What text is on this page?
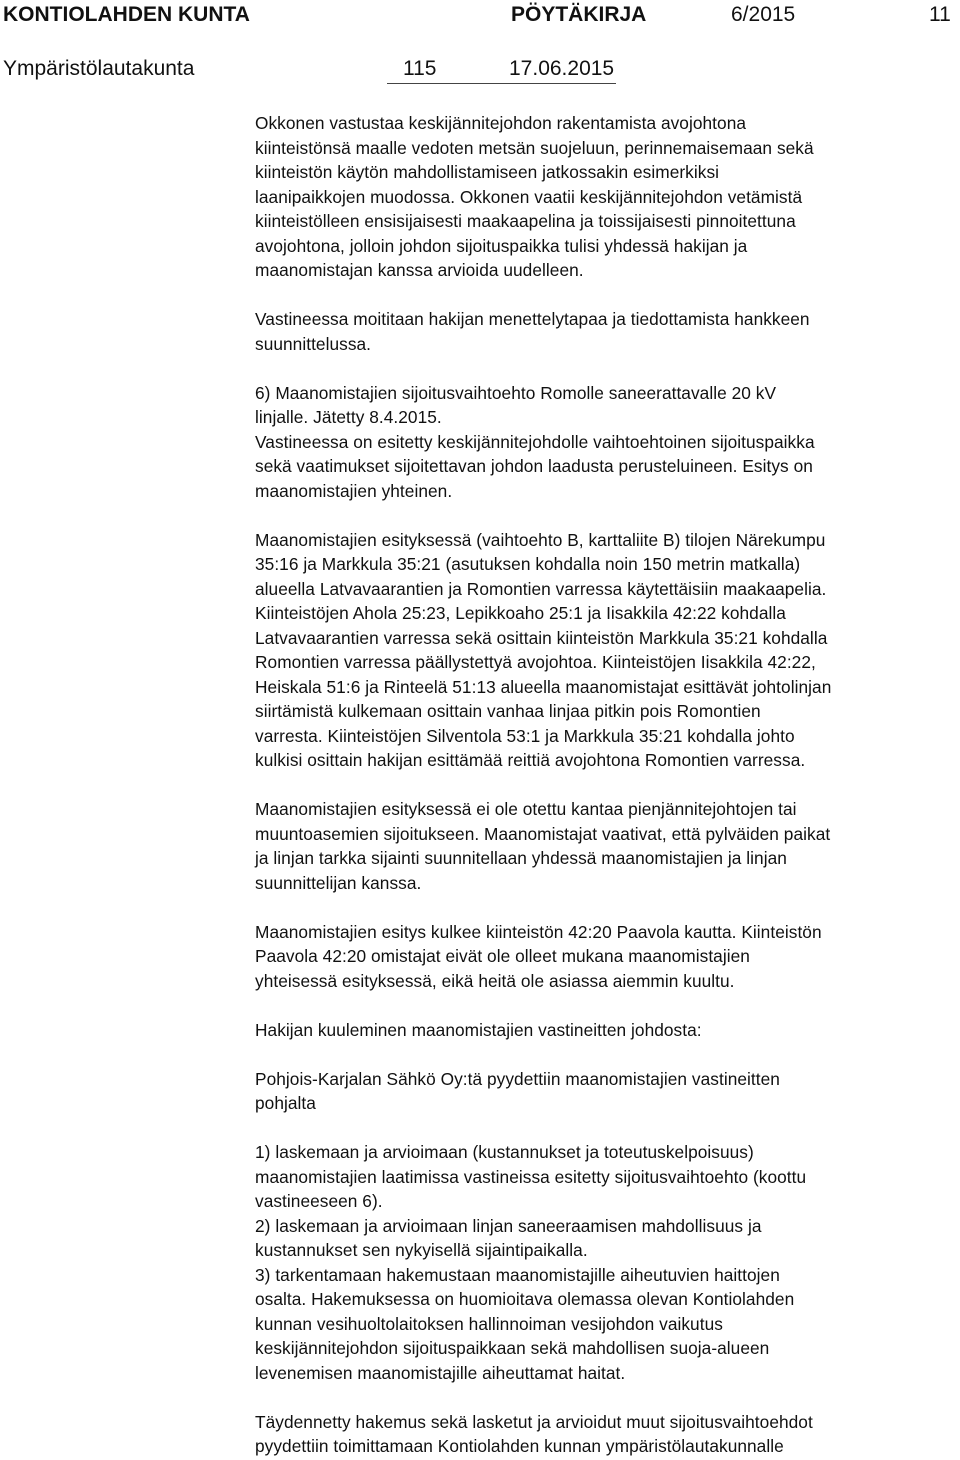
KONTIOLAHDEN KUNTA	PÖYTÄKIRJA	6/2015	11
Ympäristölautakunta	115	17.06.2015

Okkonen vastustaa keskijännitejohdon rakentamista avojohtona
kiinteistönsä maalle vedoten metsän suojeluun, perinnemaisemaan sekä
kiinteistön käytön mahdollistamiseen jatkossakin esimerkiksi
laanipaikkojen muodossa. Okkonen vaatii keskijännitejohdon vetämistä
kiinteistölleen ensisijaisesti maakaapelina ja toissijaisesti pinnoitettuna
avojohtona, jolloin johdon sijoituspaikka tulisi yhdessä hakijan ja
maanomistajan kanssa arvioida uudelleen.

Vastineessa moititaan hakijan menettelytapaa ja tiedottamista hankkeen
suunnittelussa.

6) Maanomistajien sijoitusvaihtoehto Romolle saneerattavalle 20 kV
linjalle. Jätetty 8.4.2015.
Vastineessa on esitetty keskijännitejohdolle vaihtoehtoinen sijoituspaikka
sekä vaatimukset sijoitettavan johdon laadusta perusteluineen. Esitys on
maanomistajien yhteinen.

Maanomistajien esityksessä (vaihtoehto B, karttaliite B) tilojen Närekumpu
35:16 ja Markkula 35:21 (asutuksen kohdalla noin 150 metrin matkalla)
alueella Latvavaarantien ja Romontien varressa käytettäisiin maakaapelia.
Kiinteistöjen Ahola 25:23, Lepikkoaho 25:1 ja Iisakkila 42:22 kohdalla
Latvavaarantien varressa sekä osittain kiinteistön Markkula 35:21 kohdalla
Romontien varressa päällystettyä avojohtoa. Kiinteistöjen Iisakkila 42:22,
Heiskala 51:6 ja Rinteelä 51:13 alueella maanomistajat esittävät johtolinjan
siirtämistä kulkemaan osittain vanhaa linjaa pitkin pois Romontien
varresta. Kiinteistöjen Silventola 53:1 ja Markkula 35:21 kohdalla johto
kulkisi osittain hakijan esittämää reittiä avojohtona Romontien varressa.

Maanomistajien esityksessä ei ole otettu kantaa pienjännitejohtojen tai
muuntoasemien sijoitukseen. Maanomistajat vaativat, että pylväiden paikat
ja linjan tarkka sijainti suunnitellaan yhdessä maanomistajien ja linjan
suunnittelijan kanssa.

Maanomistajien esitys kulkee kiinteistön 42:20 Paavola kautta. Kiinteistön
Paavola 42:20 omistajat eivät ole olleet mukana maanomistajien
yhteisessä esityksessä, eikä heitä ole asiassa aiemmin kuultu.

Hakijan kuuleminen maanomistajien vastineitten johdosta:

Pohjois-Karjalan Sähkö Oy:tä pyydettiin maanomistajien vastineitten
pohjalta

1) laskemaan ja arvioimaan (kustannukset ja toteutuskelpoisuus)
maanomistajien laatimissa vastineissa esitetty sijoitusvaihtoehto (koottu
vastineeseen 6).
2) laskemaan ja arvioimaan linjan saneeraamisen mahdollisuus ja
kustannukset sen nykyisellä sijaintipaikalla.
3) tarkentamaan hakemustaan maanomistajille aiheutuvien haittojen
osalta. Hakemuksessa on huomioitava olemassa olevan Kontiolahden
kunnan vesihuoltolaitoksen hallinnoiman vesijohdon vaikutus
keskijännitejohdon sijoituspaikkaan sekä mahdollisen suoja-alueen
levenemisen maanomistajille aiheuttamat haitat.

Täydennetty hakemus sekä lasketut ja arvioidut muut sijoitusvaihtoehdot
pyydettiin toimittamaan Kontiolahden kunnan ympäristölautakunnalle
